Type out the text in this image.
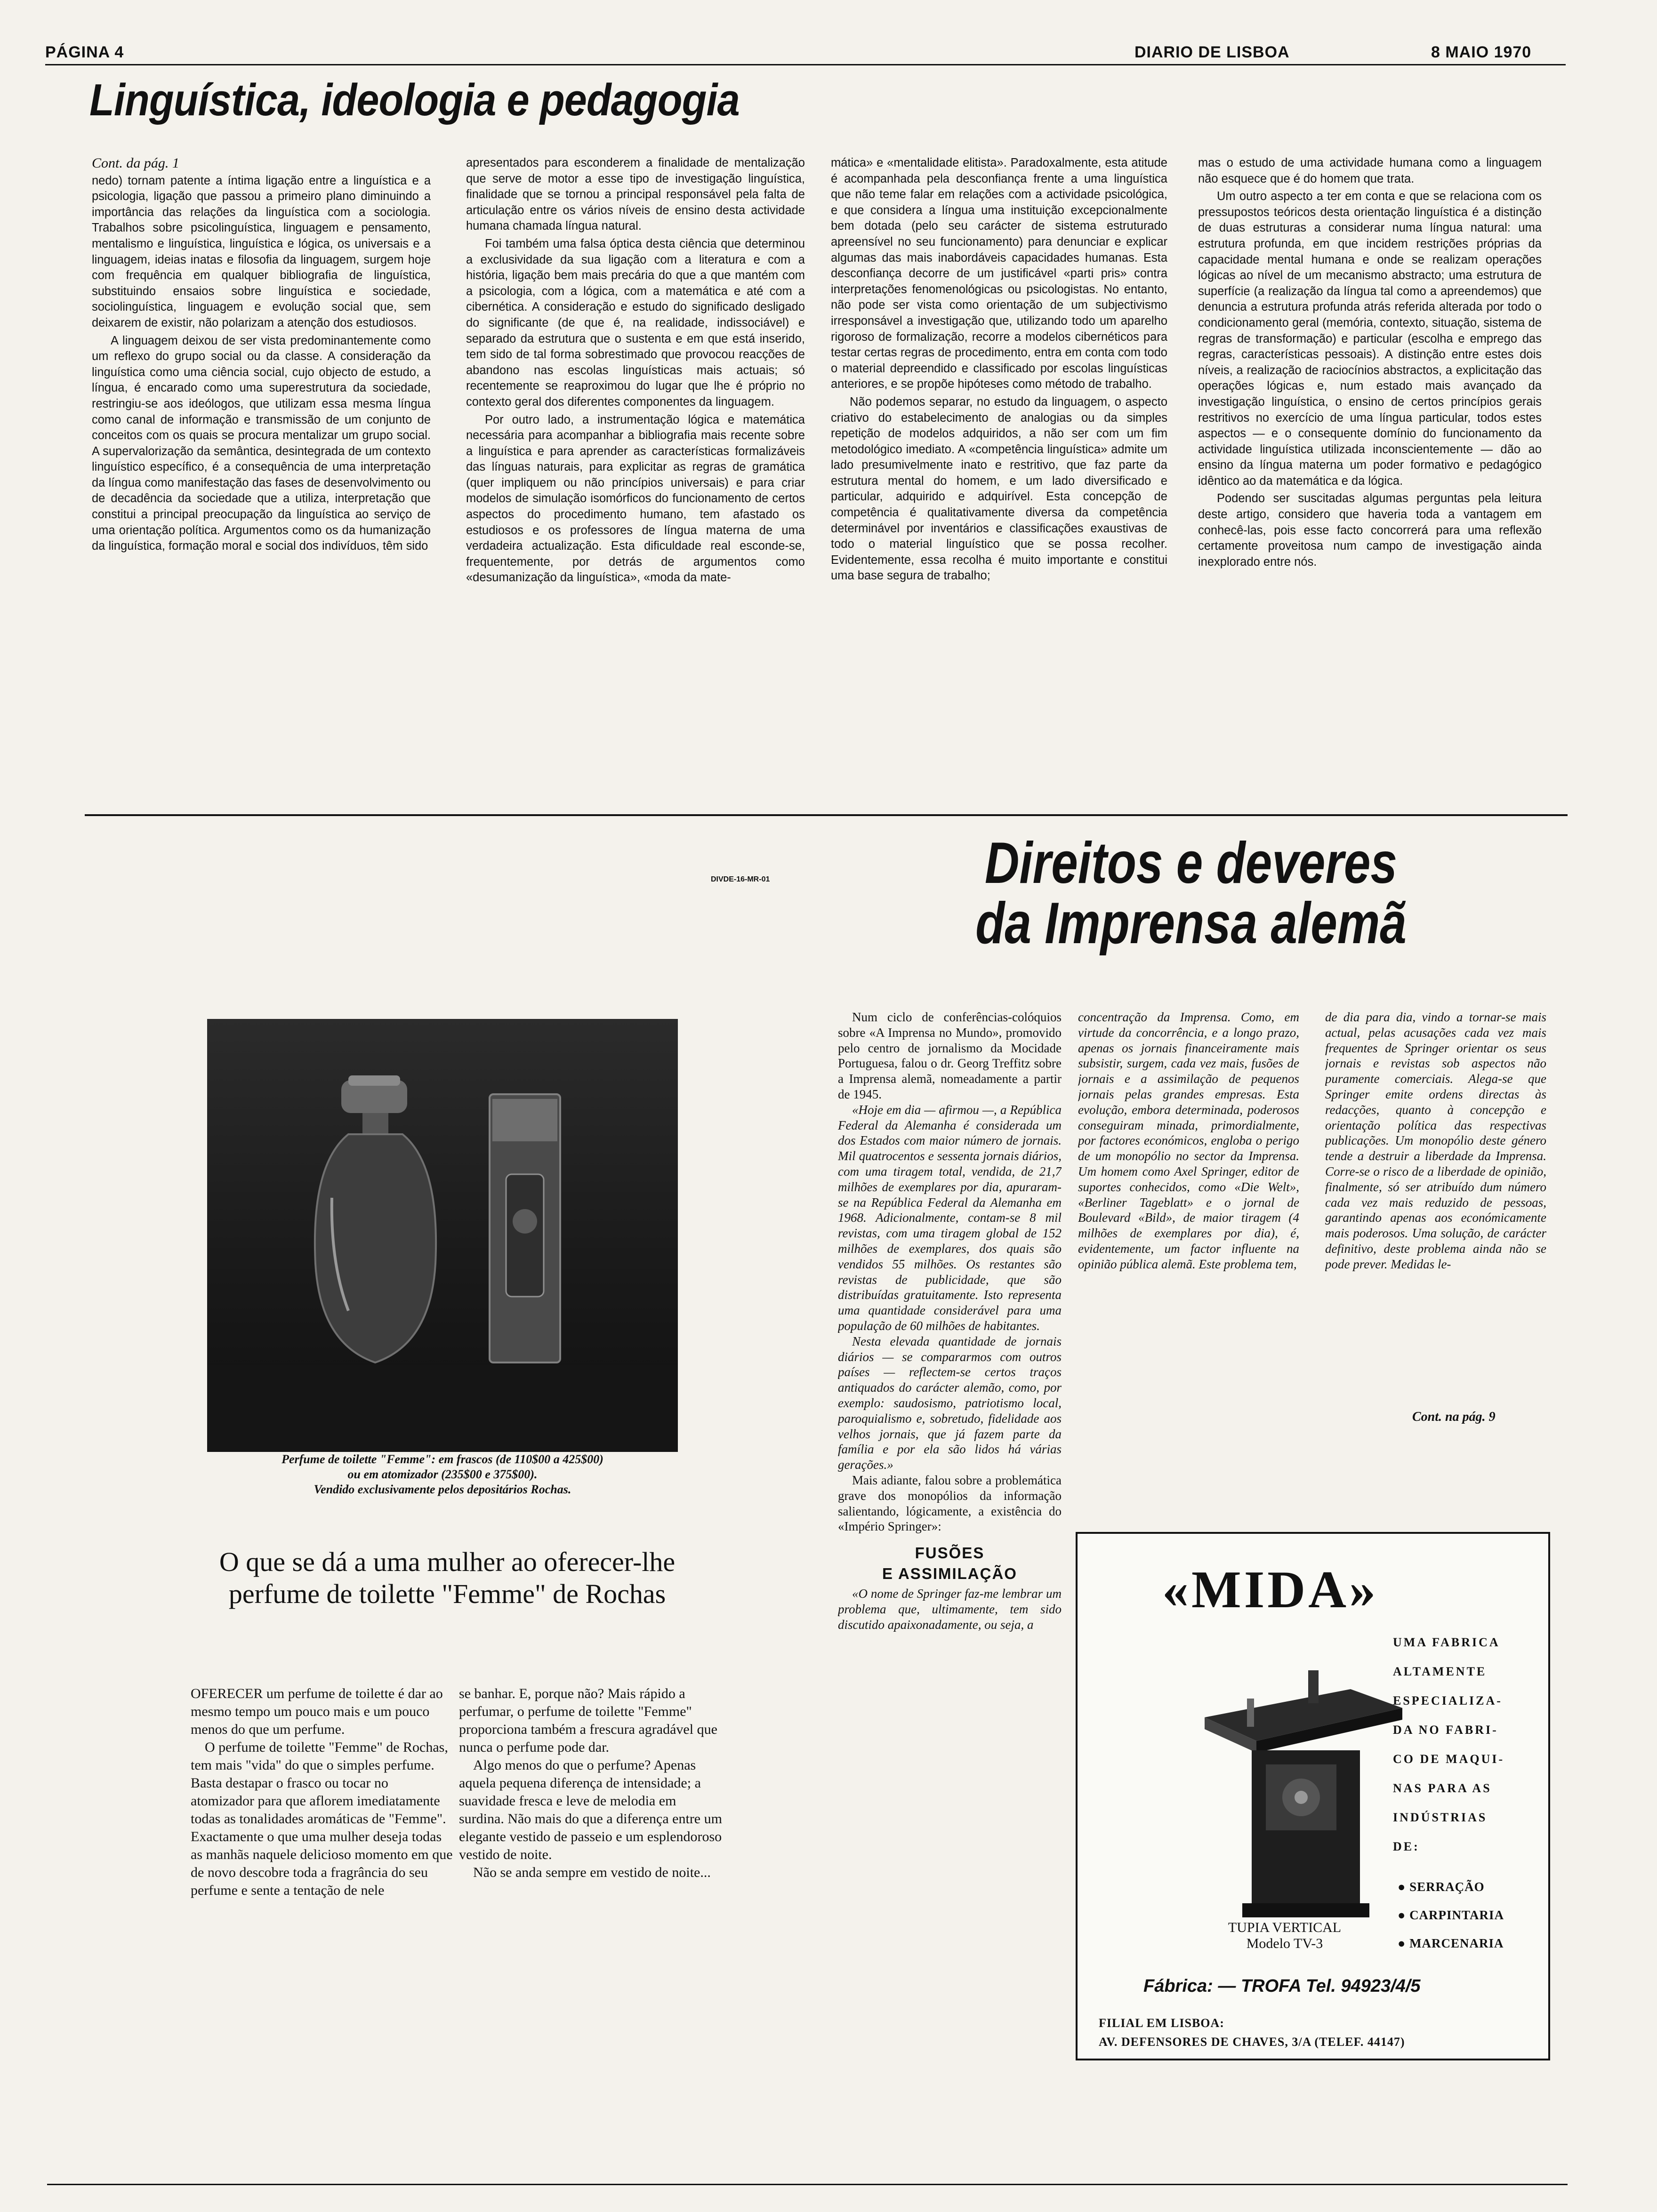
PÁGINA 4	DIARIO DE LISBOA	8 MAIO 1970
Linguística, ideologia e pedagogia

Cont. da pág. 1

nedo) tornam patente a íntima ligação entre a linguística e a psicologia, ligação que passou a primeiro plano diminuindo a importância das relações da linguística com a sociologia. Trabalhos sobre psicolinguística, linguagem e pensamento, mentalismo e linguística, linguística e lógica, os universais e a linguagem, ideias inatas e filosofia da linguagem, surgem hoje com frequência em qualquer bibliografia de linguística, substituindo ensaios sobre linguística e sociedade, sociolinguística, linguagem e evolução social que, sem deixarem de existir, não polarizam a atenção dos estudiosos.

A linguagem deixou de ser vista predominantemente como um reflexo do grupo social ou da classe. A consideração da linguística como uma ciência social, cujo objecto de estudo, a língua, é encarado como uma superestrutura da sociedade, restringiu-se aos ideólogos, que utilizam essa mesma língua como canal de informação e transmissão de um conjunto de conceitos com os quais se procura mentalizar um grupo social. A supervalorização da semântica, desintegrada de um contexto linguístico específico, é a consequência de uma interpretação da língua como manifestação das fases de desenvolvimento ou de decadência da sociedade que a utiliza, interpretação que constitui a principal preocupação da linguística ao serviço de uma orientação política. Argumentos como os da humanização da linguística, formação moral e social dos indivíduos, têm sido

apresentados para esconderem a finalidade de mentalização que serve de motor a esse tipo de investigação linguística, finalidade que se tornou a principal responsável pela falta de articulação entre os vários níveis de ensino desta actividade humana chamada língua natural.

Foi também uma falsa óptica desta ciência que determinou a exclusividade da sua ligação com a literatura e com a história, ligação bem mais precária do que a que mantém com a psicologia, com a lógica, com a matemática e até com a cibernética. A consideração e estudo do significado desligado do significante (de que é, na realidade, indissociável) e separado da estrutura que o sustenta e em que está inserido, tem sido de tal forma sobrestimado que provocou reacções de abandono nas escolas linguísticas mais actuais; só recentemente se reaproximou do lugar que lhe é próprio no contexto geral dos diferentes componentes da linguagem.

Por outro lado, a instrumentação lógica e matemática necessária para acompanhar a bibliografia mais recente sobre a linguística e para aprender as características formalizáveis das línguas naturais, para explicitar as regras de gramática (quer impliquem ou não princípios universais) e para criar modelos de simulação isomórficos do funcionamento de certos aspectos do procedimento humano, tem afastado os estudiosos e os professores de língua materna de uma verdadeira actualização. Esta dificuldade real esconde-se, frequentemente, por detrás de argumentos como «desumanização da linguística», «moda da mate-

mática» e «mentalidade elitista». Paradoxalmente, esta atitude é acompanhada pela desconfiança frente a uma linguística que não teme falar em relações com a actividade psicológica, e que considera a língua uma instituição excepcionalmente bem dotada (pelo seu carácter de sistema estruturado apreensível no seu funcionamento) para denunciar e explicar algumas das mais inabordáveis capacidades humanas. Esta desconfiança decorre de um justificável «parti pris» contra interpretações fenomenológicas ou psicologistas. No entanto, não pode ser vista como orientação de um subjectivismo irresponsável a investigação que, utilizando todo um aparelho rigoroso de formalização, recorre a modelos cibernéticos para testar certas regras de procedimento, entra em conta com todo o material depreendido e classificado por escolas linguísticas anteriores, e se propõe hipóteses como método de trabalho.

Não podemos separar, no estudo da linguagem, o aspecto criativo do estabelecimento de analogias ou da simples repetição de modelos adquiridos, a não ser com um fim metodológico imediato. A «competência linguística» admite um lado presumivelmente inato e restritivo, que faz parte da estrutura mental do homem, e um lado diversificado e particular, adquirido e adquirível. Esta concepção de competência é qualitativamente diversa da competência determinável por inventários e classificações exaustivas de todo o material linguístico que se possa recolher. Evidentemente, essa recolha é muito importante e constitui uma base segura de trabalho;

mas o estudo de uma actividade humana como a linguagem não esquece que é do homem que trata.

Um outro aspecto a ter em conta e que se relaciona com os pressupostos teóricos desta orientação linguística é a distinção de duas estruturas a considerar numa língua natural: uma estrutura profunda, em que incidem restrições próprias da capacidade mental humana e onde se realizam operações lógicas ao nível de um mecanismo abstracto; uma estrutura de superfície (a realização da língua tal como a apreendemos) que denuncia a estrutura profunda atrás referida alterada por todo o condicionamento geral (memória, contexto, situação, sistema de regras de transformação) e particular (escolha e emprego das regras, características pessoais). A distinção entre estes dois níveis, a realização de raciocínios abstractos, a explicitação das operações lógicas e, num estado mais avançado da investigação linguística, o ensino de certos princípios gerais restritivos no exercício de uma língua particular, todos estes aspectos — e o consequente domínio do funcionamento da actividade linguística utilizada inconscientemente — dão ao ensino da língua materna um poder formativo e pedagógico idêntico ao da matemática e da lógica.

Podendo ser suscitadas algumas perguntas pela leitura deste artigo, considero que haveria toda a vantagem em conhecê-las, pois esse facto concorrerá para uma reflexão certamente proveitosa num campo de investigação ainda inexplorado entre nós.

DIVDE-16-MR-01
Perfume de toilette "Femme": em frascos (de 110$00 a 425$00)
ou em atomizador (235$00 e 375$00).
Vendido exclusivamente pelos depositários Rochas.
O que se dá a uma mulher ao oferecer-lhe
perfume de toilette "Femme" de Rochas

OFERECER um perfume de toilette é dar ao mesmo tempo um pouco mais e um pouco menos do que um perfume.

O perfume de toilette "Femme" de Rochas, tem mais "vida" do que o simples perfume. Basta destapar o frasco ou tocar no atomizador para que aflorem imediatamente todas as tonalidades aromáticas de "Femme". Exactamente o que uma mulher deseja todas as manhãs naquele delicioso momento em que de novo descobre toda a fragrância do seu perfume e sente a tentação de nele

se banhar. E, porque não? Mais rápido a perfumar, o perfume de toilette "Femme" proporciona também a frescura agradável que nunca o perfume pode dar.

Algo menos do que o perfume? Apenas aquela pequena diferença de intensidade; a suavidade fresca e leve de melodia em surdina. Não mais do que a diferença entre um elegante vestido de passeio e um esplendoroso vestido de noite.

Não se anda sempre em vestido de noite...

Direitos e deveres
da Imprensa alemã

Num ciclo de conferências-colóquios sobre «A Imprensa no Mundo», promovido pelo centro de jornalismo da Mocidade Portuguesa, falou o dr. Georg Treffitz sobre a Imprensa alemã, nomeadamente a partir de 1945.

«Hoje em dia — afirmou —, a República Federal da Alemanha é considerada um dos Estados com maior número de jornais. Mil quatrocentos e sessenta jornais diários, com uma tiragem total, vendida, de 21,7 milhões de exemplares por dia, apuraram-se na República Federal da Alemanha em 1968. Adicionalmente, contam-se 8 mil revistas, com uma tiragem global de 152 milhões de exemplares, dos quais são vendidos 55 milhões. Os restantes são revistas de publicidade, que são distribuídas gratuitamente. Isto representa uma quantidade considerável para uma população de 60 milhões de habitantes.

Nesta elevada quantidade de jornais diários — se compararmos com outros países — reflectem-se certos traços antiquados do carácter alemão, como, por exemplo: saudosismo, patriotismo local, paroquialismo e, sobretudo, fidelidade aos velhos jornais, que já fazem parte da família e por ela são lidos há várias gerações.»

Mais adiante, falou sobre a problemática grave dos monopólios da informação salientando, lógicamente, a existência do «Império Springer»:

FUSÕES
E ASSIMILAÇÃO

«O nome de Springer faz-me lembrar um problema que, ultimamente, tem sido discutido apaixonadamente, ou seja, a

concentração da Imprensa. Como, em virtude da concorrência, e a longo prazo, apenas os jornais financeiramente mais subsistir, surgem, cada vez mais, fusões de jornais e a assimilação de pequenos jornais pelas grandes empresas. Esta evolução, embora determinada, poderosos conseguiram minada, primordialmente, por factores económicos, engloba o perigo de um monopólio no sector da Imprensa. Um homem como Axel Springer, editor de suportes conhecidos, como «Die Welt», «Berliner Tageblatt» e o jornal de Boulevard «Bild», de maior tiragem (4 milhões de exemplares por dia), é, evidentemente, um factor influente na opinião pública alemã. Este problema tem,

de dia para dia, vindo a tornar-se mais actual, pelas acusações cada vez mais frequentes de Springer orientar os seus jornais e revistas sob aspectos não puramente comerciais. Alega-se que Springer emite ordens directas às redacções, quanto à concepção e orientação política das respectivas publicações. Um monopólio deste género tende a destruir a liberdade da Imprensa. Corre-se o risco de a liberdade de opinião, finalmente, só ser atribuído dum número cada vez mais reduzido de pessoas, garantindo apenas aos económicamente mais poderosos. Uma solução, de carácter definitivo, deste problema ainda não se pode prever. Medidas le-

Cont. na pág. 9
«MIDA»
UMA FABRICA
ALTAMENTE
ESPECIALIZA-
DA NO FABRI-
CO DE MAQUI-
NAS PARA AS
INDÚSTRIAS
DE:
● SERRAÇÃO
● CARPINTARIA
● MARCENARIA
TUPIA VERTICAL
Modelo TV-3
Fábrica: — TROFA Tel. 94923/4/5
FILIAL EM LISBOA:
AV. DEFENSORES DE CHAVES, 3/A (TELEF. 44147)
